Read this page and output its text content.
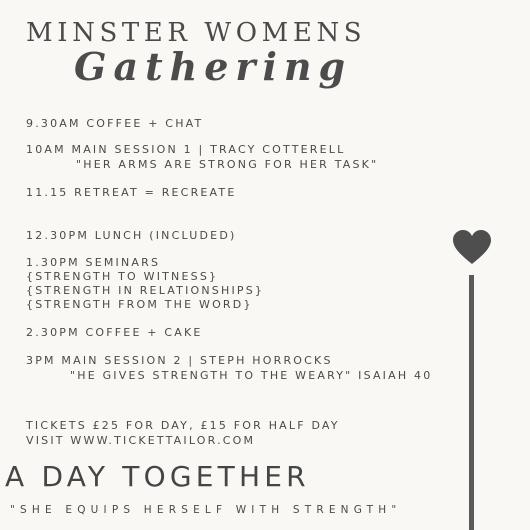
MINSTER WOMENS
Gathering
9.30AM COFFEE + CHAT
10AM MAIN SESSION 1 | TRACY COTTERELL
"HER ARMS ARE STRONG FOR HER TASK"
11.15 RETREAT = RECREATE
12.30PM LUNCH (INCLUDED)
1.30PM SEMINARS
{STRENGTH TO WITNESS}
{STRENGTH IN RELATIONSHIPS}
{STRENGTH FROM THE WORD}
2.30PM COFFEE + CAKE
3PM MAIN SESSION 2 | STEPH HORROCKS
"HE GIVES STRENGTH TO THE WEARY" ISAIAH 40
TICKETS £25 FOR DAY, £15 FOR HALF DAY
VISIT WWW.TICKETTAILOR.COM
A DAY TOGETHER
"SHE EQUIPS HERSELF WITH STRENGTH"
